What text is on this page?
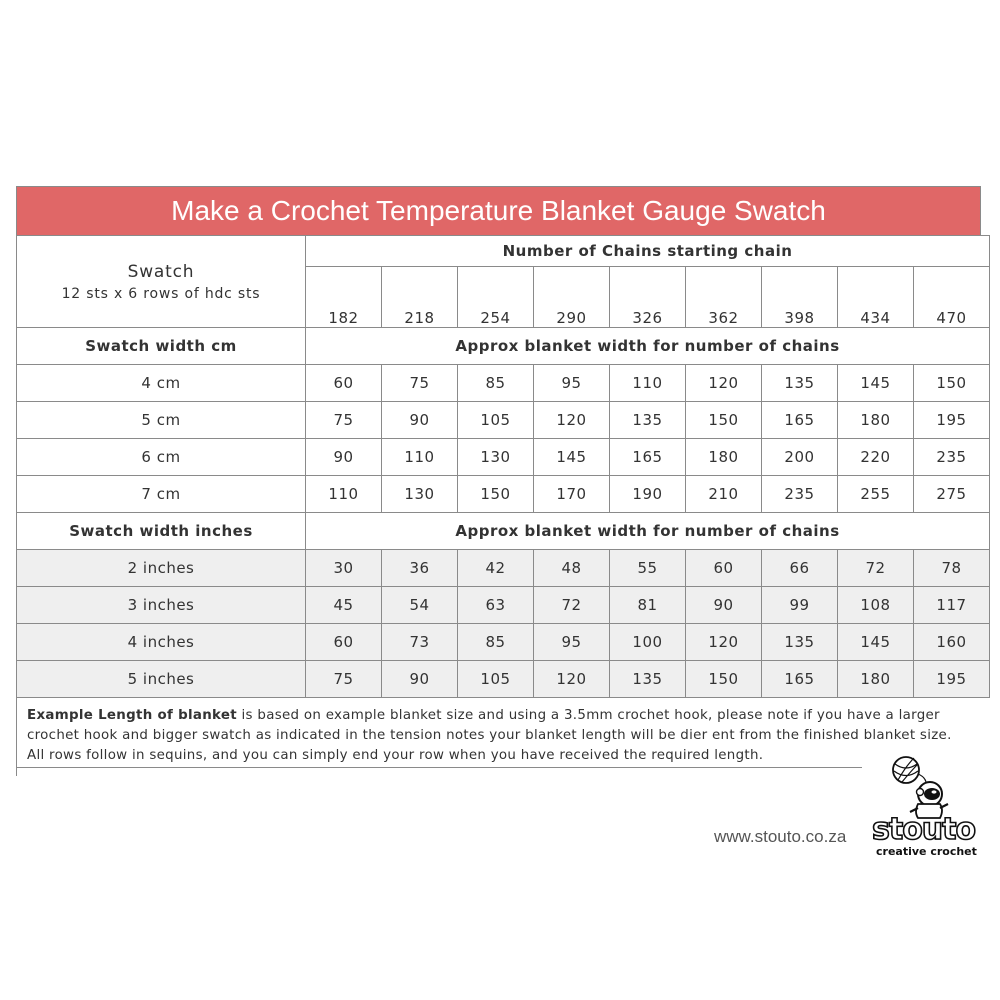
Make a Crochet Temperature Blanket Gauge Swatch
Swatch
12 sts x 6 rows of hdc sts	Number of Chains starting chain								
	182	218	254	290	326	362	398	434	470
Swatch width cm	Approx blanket width for number of chains								
4 cm	60	75	85	95	110	120	135	145	150
5 cm	75	90	105	120	135	150	165	180	195
6 cm	90	110	130	145	165	180	200	220	235
7 cm	110	130	150	170	190	210	235	255	275
Swatch width inches	Approx blanket width for number of chains								
2 inches	30	36	42	48	55	60	66	72	78
3 inches	45	54	63	72	81	90	99	108	117
4 inches	60	73	85	95	100	120	135	145	160
5 inches	75	90	105	120	135	150	165	180	195
Example Length of blanket is based on example blanket size and using a 3.5mm crochet hook, please note if you have a larger crochet hook and bigger swatch as indicated in the tension notes your blanket length will be dier ent from the finished blanket size.
All rows follow in sequins, and you can simply end your row when you have received the required length.
www.stouto.co.za stouto
creative crochet
